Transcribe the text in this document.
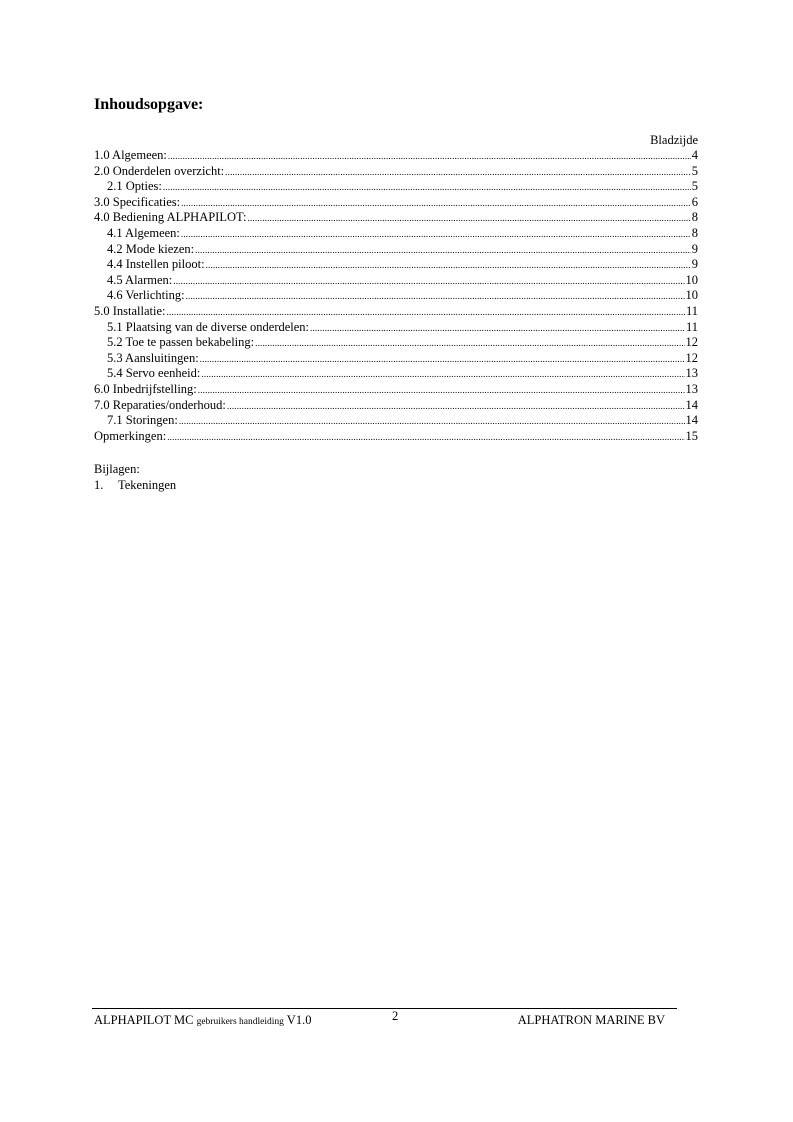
Inhoudsopgave:
Bladzijde
1.0 Algemeen: .....	4
2.0 Onderdelen overzicht: .....	5
2.1 Opties: .....	5
3.0 Specificaties: .....	6
4.0 Bediening ALPHAPILOT: .....	8
4.1 Algemeen: .....	8
4.2 Mode kiezen: .....	9
4.4 Instellen piloot: .....	9
4.5 Alarmen: .....	10
4.6 Verlichting: .....	10
5.0 Installatie: .....	11
5.1 Plaatsing van de diverse onderdelen: .....	11
5.2 Toe te passen bekabeling: .....	12
5.3 Aansluitingen: .....	12
5.4 Servo eenheid: .....	13
6.0 Inbedrijfstelling: .....	13
7.0 Reparaties/onderhoud: .....	14
7.1 Storingen: .....	14
Opmerkingen: .....	15
Bijlagen:
1.	Tekeningen
ALPHAPILOT MC gebruikers handleiding V1.0	2	ALPHATRON MARINE BV
